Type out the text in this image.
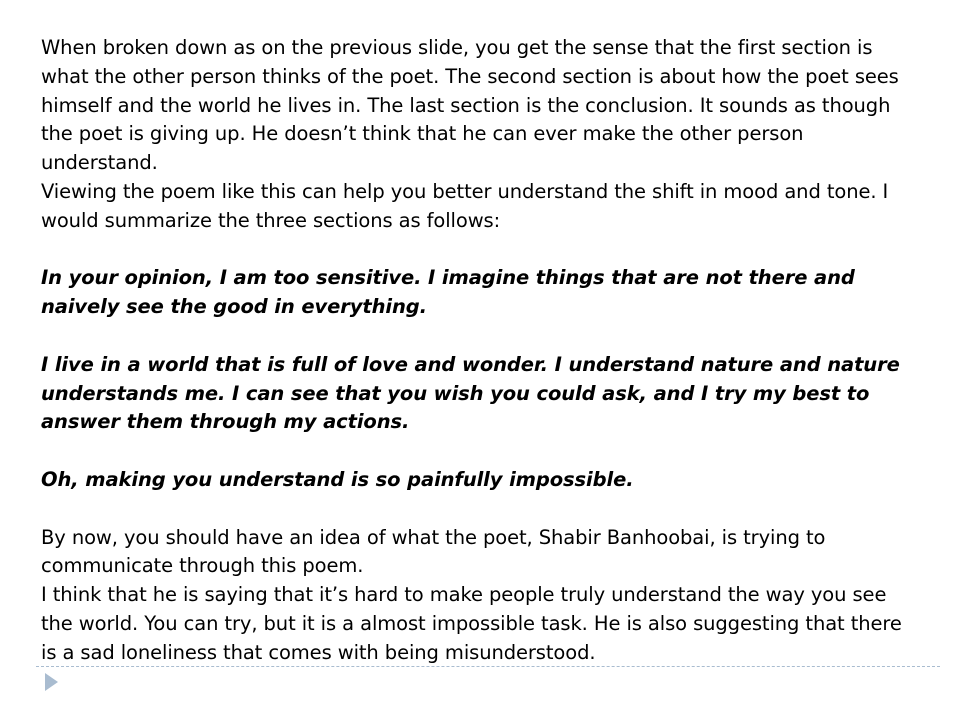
When broken down as on the previous slide, you get the sense that the first section is what the other person thinks of the poet. The second section is about how the poet sees himself and the world he lives in. The last section is the conclusion. It sounds as though the poet is giving up. He doesn’t think that he can ever make the other person understand.

Viewing the poem like this can help you better understand the shift in mood and tone. I would summarize the three sections as follows:

In your opinion, I am too sensitive. I imagine things that are not there and naively see the good in everything.

I live in a world that is full of love and wonder. I understand nature and nature understands me. I can see that you wish you could ask, and I try my best to answer them through my actions.

Oh, making you understand is so painfully impossible.

By now, you should have an idea of what the poet, Shabir Banhoobai, is trying to communicate through this poem.

I think that he is saying that it’s hard to make people truly understand the way you see the world. You can try, but it is a almost impossible task. He is also suggesting that there is a sad loneliness that comes with being misunderstood.
